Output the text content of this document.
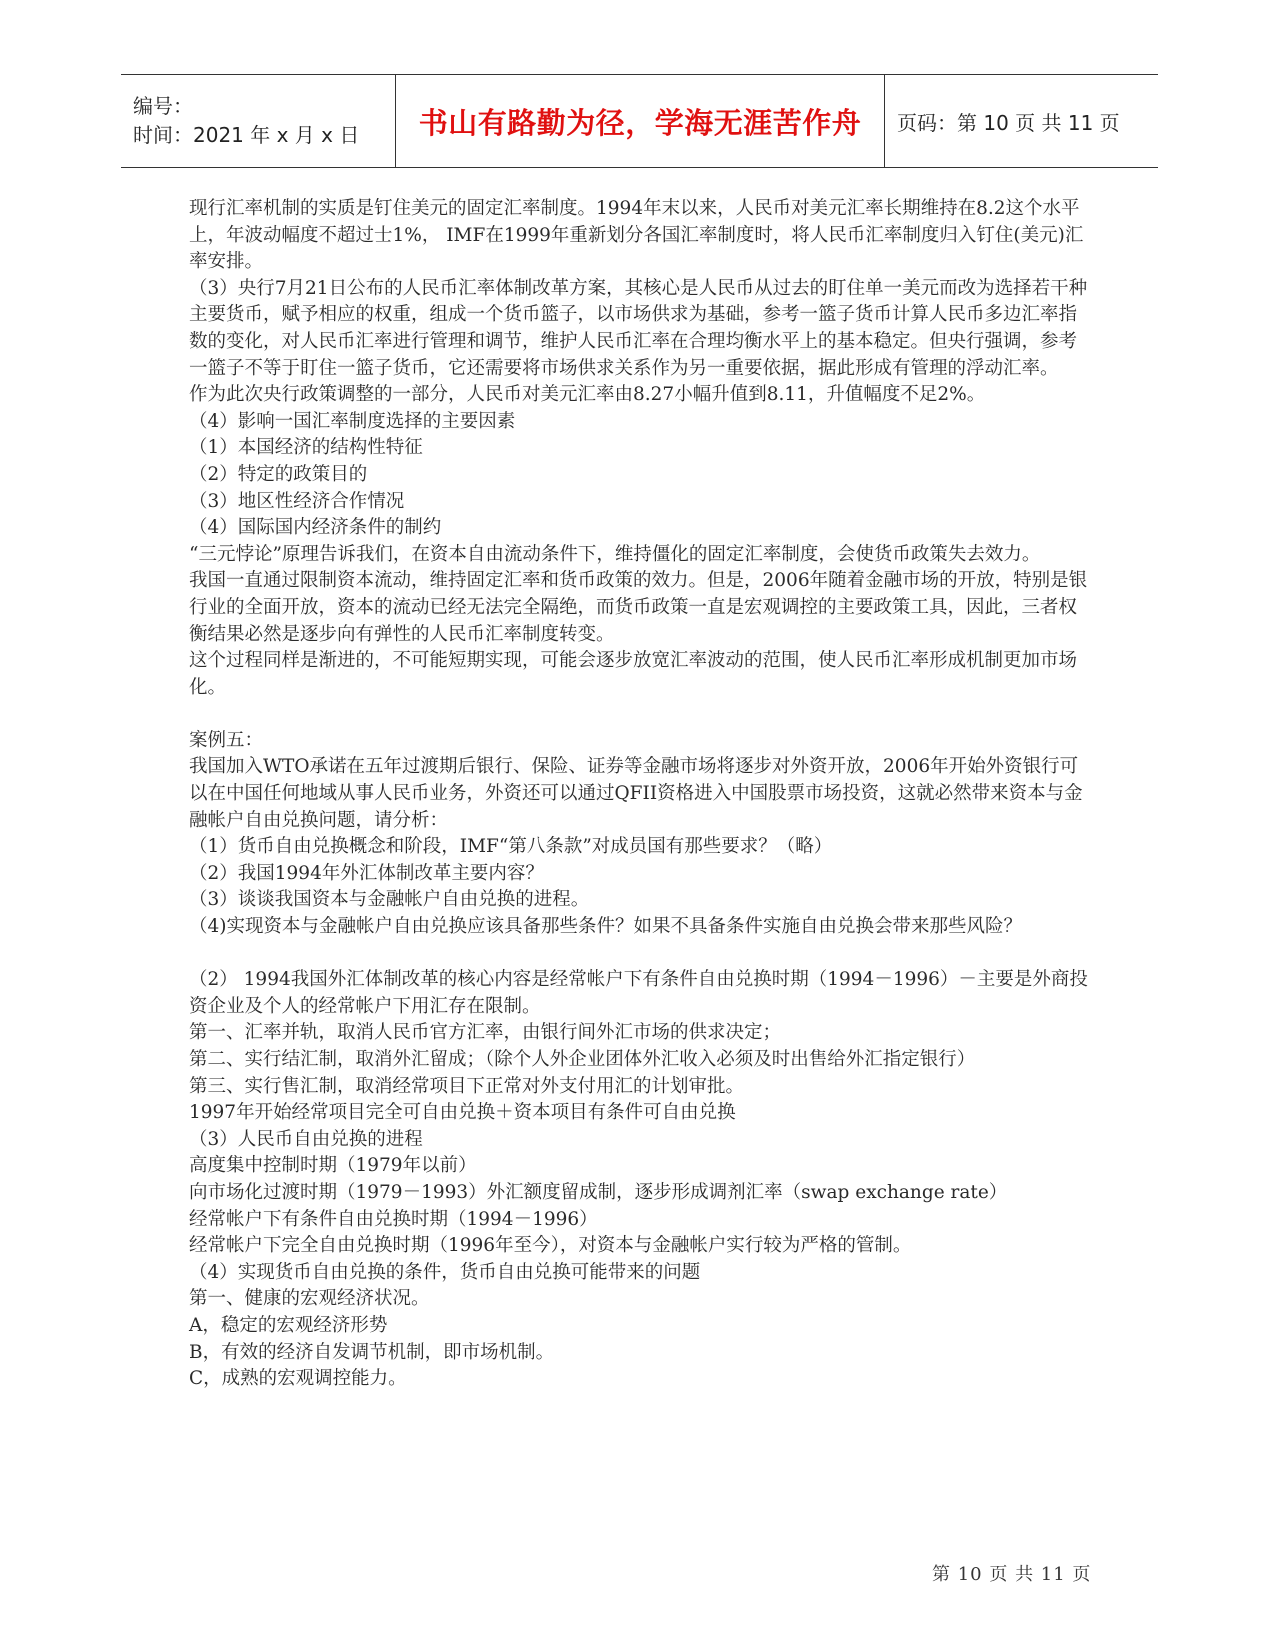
编号：
时间：2021 年 x 月 x 日	书山有路勤为径，学海无涯苦作舟	页码：第 10 页 共 11 页

现行汇率机制的实质是钉住美元的固定汇率制度。1994年末以来，人民币对美元汇率长期维持在8.2这个水平上，年波动幅度不超过士1%， IMF在1999年重新划分各国汇率制度时，将人民币汇率制度归入钉住(美元)汇率安排。

（3）央行7月21日公布的人民币汇率体制改革方案，其核心是人民币从过去的盯住单一美元而改为选择若干种主要货币，赋予相应的权重，组成一个货币篮子，以市场供求为基础，参考一篮子货币计算人民币多边汇率指数的变化，对人民币汇率进行管理和调节，维护人民币汇率在合理均衡水平上的基本稳定。但央行强调，参考一篮子不等于盯住一篮子货币，它还需要将市场供求关系作为另一重要依据，据此形成有管理的浮动汇率。

作为此次央行政策调整的一部分，人民币对美元汇率由8.27小幅升值到8.11，升值幅度不足2%。

（4）影响一国汇率制度选择的主要因素

（1）本国经济的结构性特征

（2）特定的政策目的

（3）地区性经济合作情况

（4）国际国内经济条件的制约

“三元悖论”原理告诉我们，在资本自由流动条件下，维持僵化的固定汇率制度，会使货币政策失去效力。

我国一直通过限制资本流动，维持固定汇率和货币政策的效力。但是，2006年随着金融市场的开放，特别是银行业的全面开放，资本的流动已经无法完全隔绝，而货币政策一直是宏观调控的主要政策工具，因此，三者权衡结果必然是逐步向有弹性的人民币汇率制度转变。

这个过程同样是渐进的，不可能短期实现，可能会逐步放宽汇率波动的范围，使人民币汇率形成机制更加市场化。

案例五：

我国加入WTO承诺在五年过渡期后银行、保险、证券等金融市场将逐步对外资开放，2006年开始外资银行可以在中国任何地域从事人民币业务，外资还可以通过QFII资格进入中国股票市场投资，这就必然带来资本与金融帐户自由兑换问题，请分析：

（1）货币自由兑换概念和阶段，IMF“第八条款”对成员国有那些要求？（略）

（2）我国1994年外汇体制改革主要内容？

（3）谈谈我国资本与金融帐户自由兑换的进程。

（4)实现资本与金融帐户自由兑换应该具备那些条件？如果不具备条件实施自由兑换会带来那些风险？

（2） 1994我国外汇体制改革的核心内容是经常帐户下有条件自由兑换时期（1994－1996）－主要是外商投资企业及个人的经常帐户下用汇存在限制。

第一、汇率并轨，取消人民币官方汇率，由银行间外汇市场的供求决定；

第二、实行结汇制，取消外汇留成；（除个人外企业团体外汇收入必须及时出售给外汇指定银行）

第三、实行售汇制，取消经常项目下正常对外支付用汇的计划审批。

1997年开始经常项目完全可自由兑换＋资本项目有条件可自由兑换

（3）人民币自由兑换的进程

高度集中控制时期（1979年以前）

向市场化过渡时期（1979－1993）外汇额度留成制，逐步形成调剂汇率（swap exchange rate）

经常帐户下有条件自由兑换时期（1994－1996）

经常帐户下完全自由兑换时期（1996年至今），对资本与金融帐户实行较为严格的管制。

（4）实现货币自由兑换的条件，货币自由兑换可能带来的问题

第一、健康的宏观经济状况。

A，稳定的宏观经济形势

B，有效的经济自发调节机制，即市场机制。

C，成熟的宏观调控能力。

第 10 页 共 11 页
